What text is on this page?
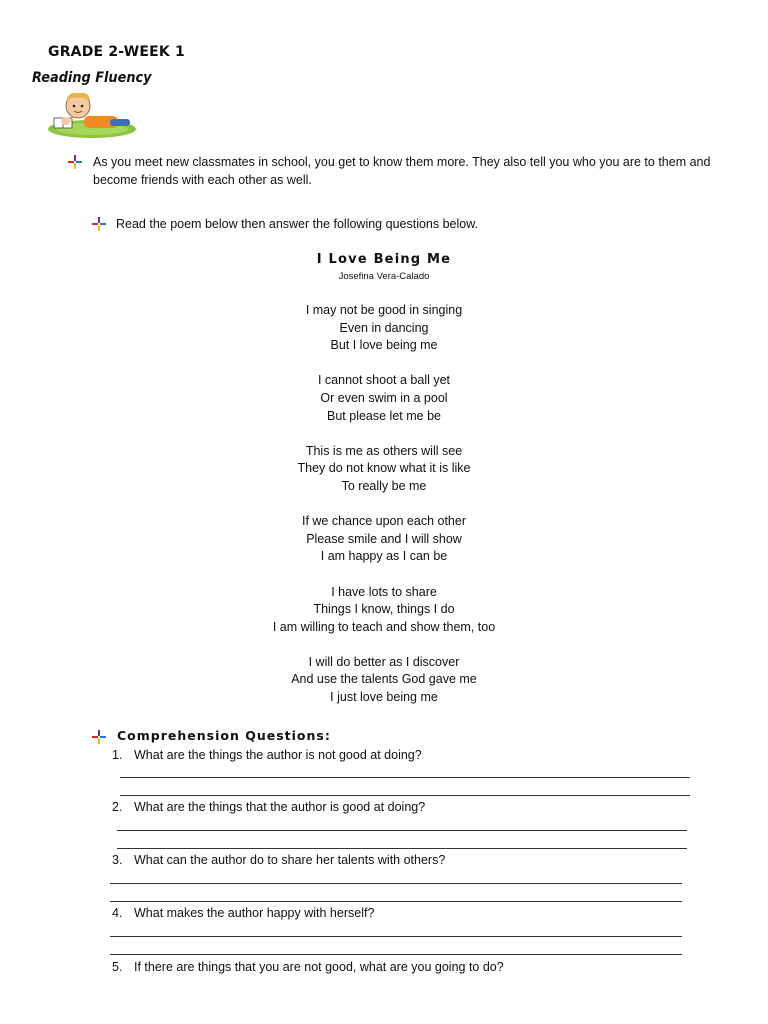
GRADE 2-WEEK 1
Reading Fluency
As you meet new classmates in school, you get to know them more. They also tell you who you are to them and become friends with each other as well.
Read the poem below then answer the following questions below.
I Love Being Me
Josefina Vera-Calado
I may not be good in singing
Even in dancing
But I love being me
I cannot shoot a ball yet
Or even swim in a pool
But please let me be
This is me as others will see
They do not know what it is like
To really be me
If we chance upon each other
Please smile and I will show
I am happy as I can be
I have lots to share
Things I know, things I do
I am willing to teach and show them, too
I will do better as I discover
And use the talents God gave me
I just love being me
Comprehension Questions:
1. What are the things the author is not good at doing?
2. What are the things that the author is good at doing?
3. What can the author do to share her talents with others?
4. What makes the author happy with herself?
5. If there are things that you are not good, what are you going to do?
